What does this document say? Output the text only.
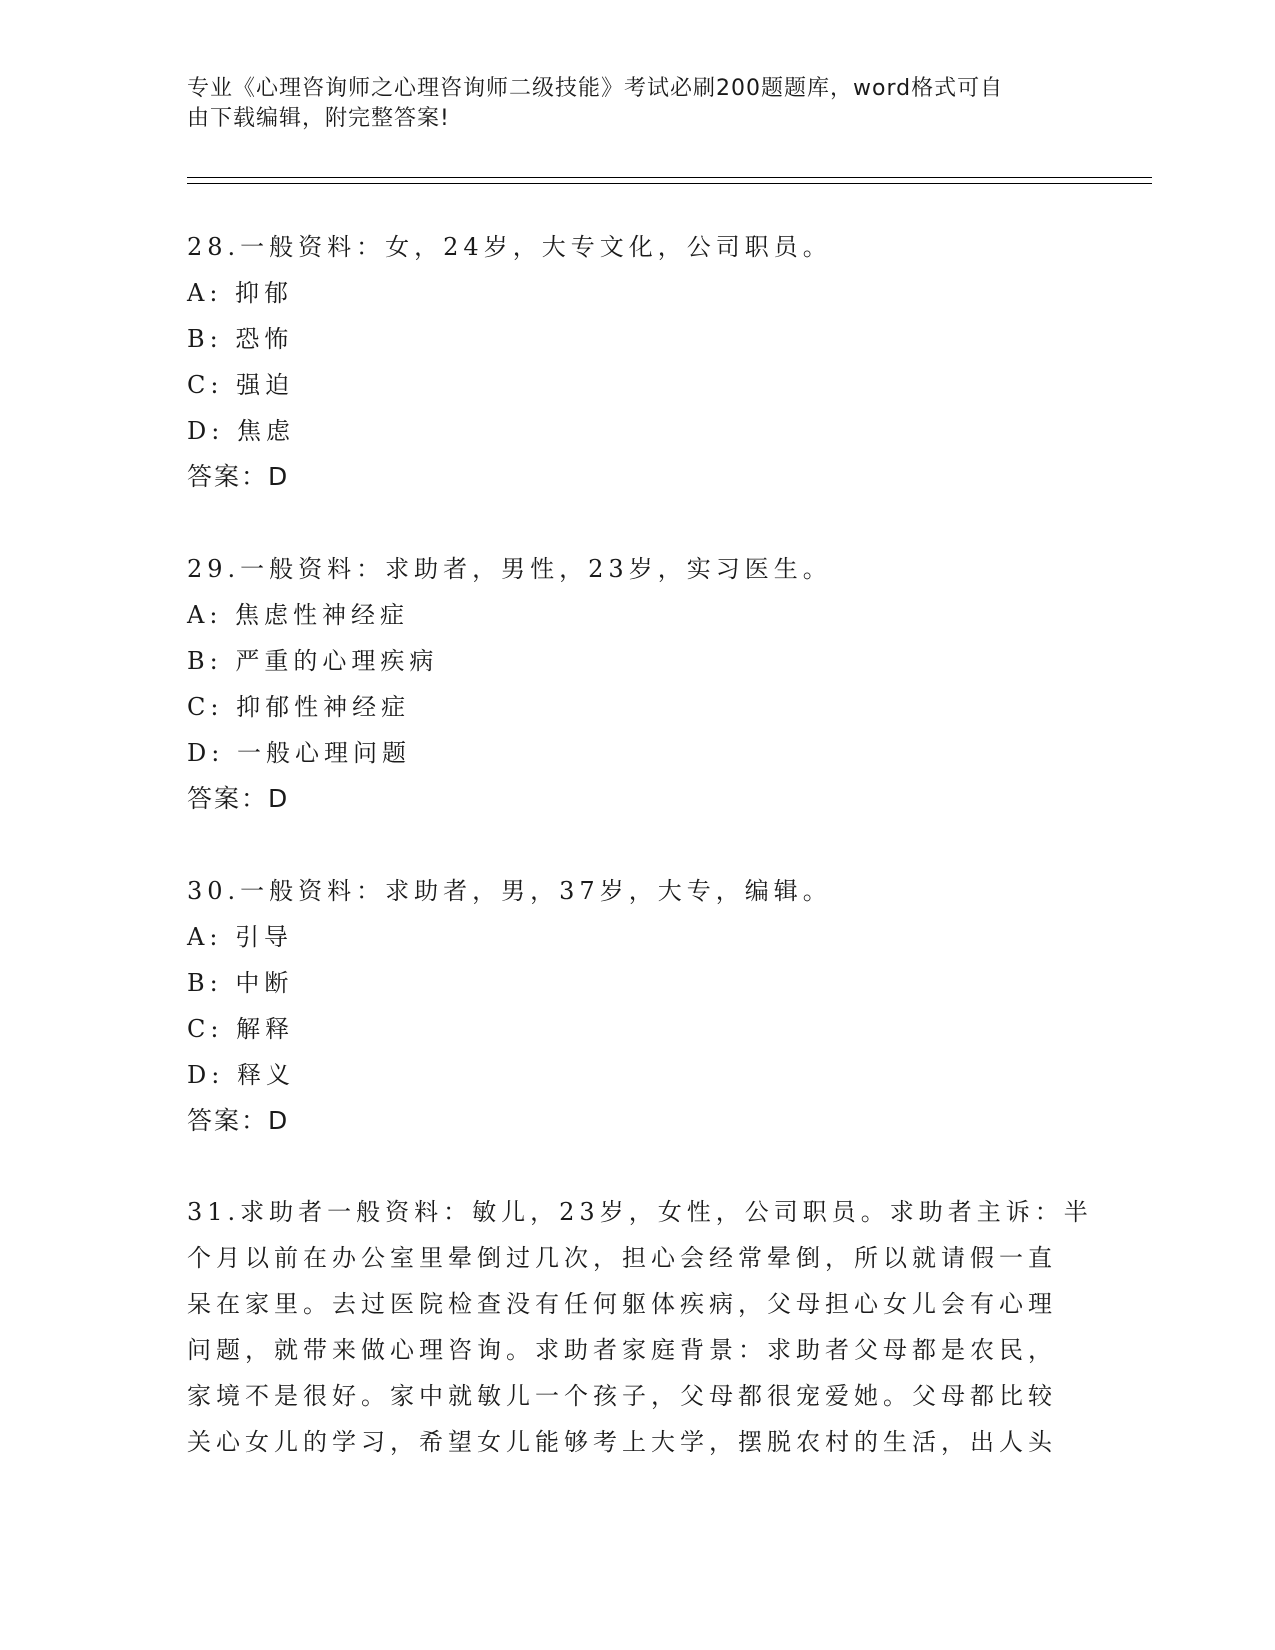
专业《心理咨询师之心理咨询师二级技能》考试必刷200题题库，word格式可自
由下载编辑，附完整答案!
28.一般资料：女，24岁，大专文化，公司职员。
A: 抑郁
B: 恐怖
C: 强迫
D: 焦虑
答案：D
29.一般资料：求助者，男性，23岁，实习医生。
A: 焦虑性神经症
B: 严重的心理疾病
C: 抑郁性神经症
D: 一般心理问题
答案：D
30.一般资料：求助者，男，37岁，大专，编辑。
A: 引导
B: 中断
C: 解释
D: 释义
答案：D
31.求助者一般资料：敏儿，23岁，女性，公司职员。求助者主诉：半
个月以前在办公室里晕倒过几次，担心会经常晕倒，所以就请假一直
呆在家里。去过医院检查没有任何躯体疾病，父母担心女儿会有心理
问题，就带来做心理咨询。求助者家庭背景：求助者父母都是农民，
家境不是很好。家中就敏儿一个孩子，父母都很宠爱她。父母都比较
关心女儿的学习，希望女儿能够考上大学，摆脱农村的生活，出人头
